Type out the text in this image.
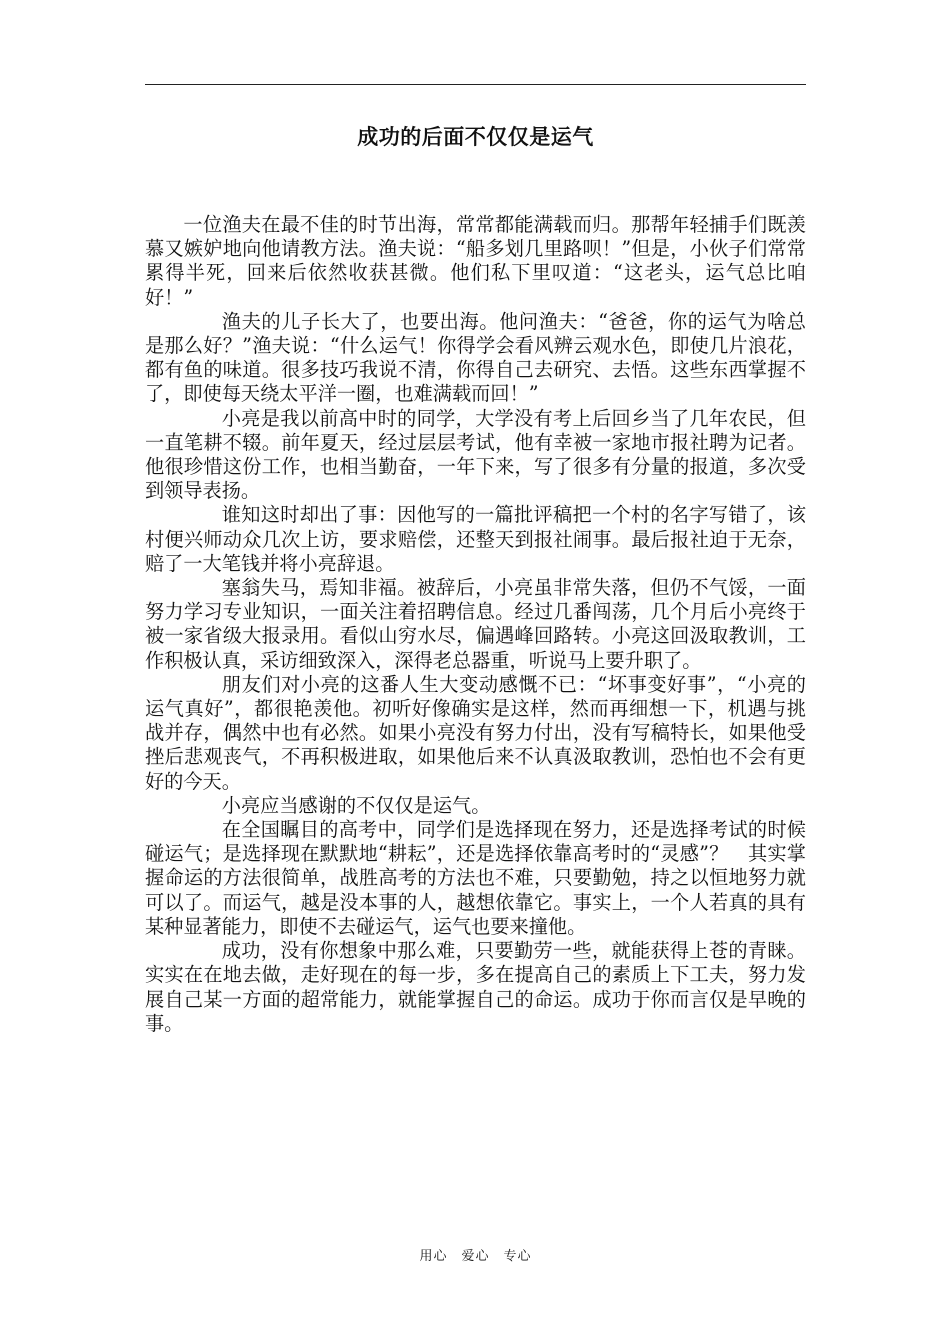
成功的后面不仅仅是运气

一位渔夫在最不佳的时节出海，常常都能满载而归。那帮年轻捕手们既羡慕又嫉妒地向他请教方法。渔夫说：“船多划几里路呗！”但是，小伙子们常常累得半死，回来后依然收获甚微。他们私下里叹道：“这老头，运气总比咱好！”

渔夫的儿子长大了，也要出海。他问渔夫：“爸爸，你的运气为啥总是那么好？”渔夫说：“什么运气！你得学会看风辨云观水色，即使几片浪花，都有鱼的味道。很多技巧我说不清，你得自己去研究、去悟。这些东西掌握不了，即使每天绕太平洋一圈，也难满载而回！”

小亮是我以前高中时的同学，大学没有考上后回乡当了几年农民，但一直笔耕不辍。前年夏天，经过层层考试，他有幸被一家地市报社聘为记者。他很珍惜这份工作，也相当勤奋，一年下来，写了很多有分量的报道，多次受到领导表扬。

谁知这时却出了事：因他写的一篇批评稿把一个村的名字写错了，该村便兴师动众几次上访，要求赔偿，还整天到报社闹事。最后报社迫于无奈，赔了一大笔钱并将小亮辞退。

塞翁失马，焉知非福。被辞后，小亮虽非常失落，但仍不气馁，一面努力学习专业知识，一面关注着招聘信息。经过几番闯荡，几个月后小亮终于被一家省级大报录用。看似山穷水尽，偏遇峰回路转。小亮这回汲取教训，工作积极认真，采访细致深入，深得老总器重，听说马上要升职了。

朋友们对小亮的这番人生大变动感慨不已：“坏事变好事”，“小亮的运气真好”，都很艳羡他。初听好像确实是这样，然而再细想一下，机遇与挑战并存，偶然中也有必然。如果小亮没有努力付出，没有写稿特长，如果他受挫后悲观丧气，不再积极进取，如果他后来不认真汲取教训，恐怕也不会有更好的今天。

小亮应当感谢的不仅仅是运气。

在全国瞩目的高考中，同学们是选择现在努力，还是选择考试的时候碰运气；是选择现在默默地“耕耘”，还是选择依靠高考时的“灵感”？　其实掌握命运的方法很简单，战胜高考的方法也不难，只要勤勉，持之以恒地努力就可以了。而运气，越是没本事的人，越想依靠它。事实上，一个人若真的具有某种显著能力，即使不去碰运气，运气也要来撞他。

成功，没有你想象中那么难，只要勤劳一些，就能获得上苍的青睐。实实在在地去做，走好现在的每一步，多在提高自己的素质上下工夫，努力发展自己某一方面的超常能力，就能掌握自己的命运。成功于你而言仅是早晚的事。

用心　爱心　专心
